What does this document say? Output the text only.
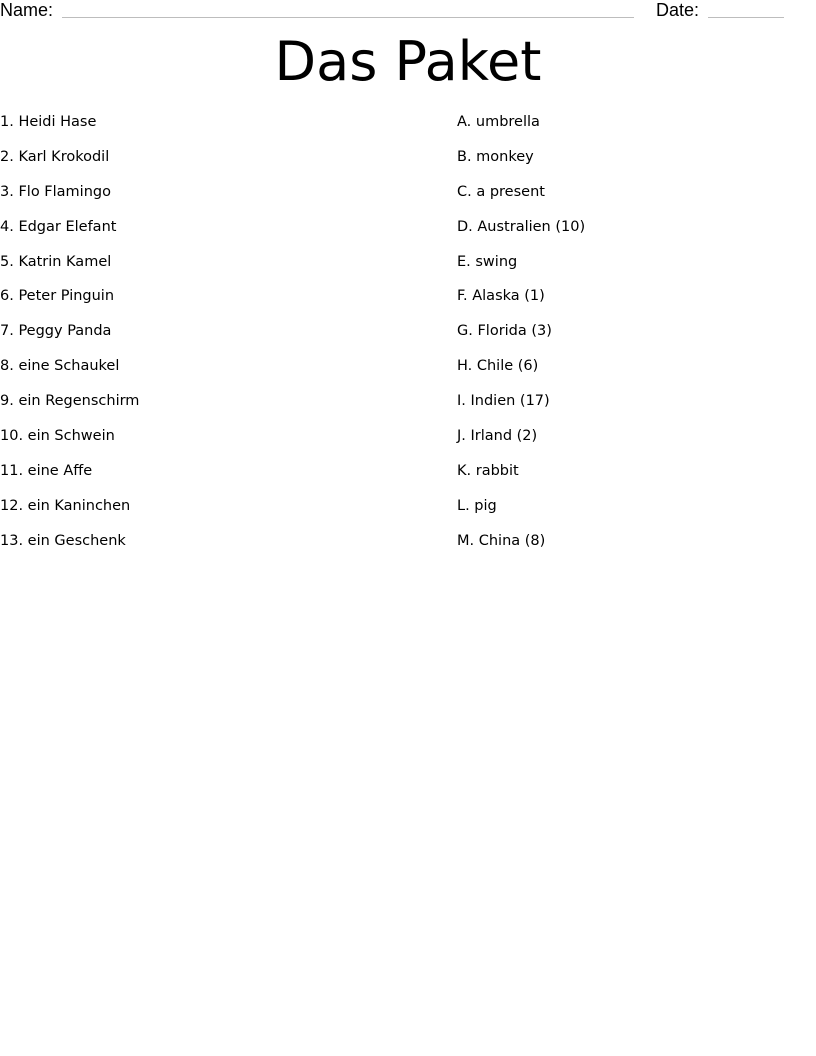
Name:	Date:
Das Paket
1. Heidi Hase
2. Karl Krokodil
3. Flo Flamingo
4. Edgar Elefant
5. Katrin Kamel
6. Peter Pinguin
7. Peggy Panda
8. eine Schaukel
9. ein Regenschirm
10. ein Schwein
11. eine Affe
12. ein Kaninchen
13. ein Geschenk
A. umbrella
B. monkey
C. a present
D. Australien (10)
E. swing
F. Alaska (1)
G. Florida (3)
H. Chile (6)
I. Indien (17)
J. Irland (2)
K. rabbit
L. pig
M. China (8)
